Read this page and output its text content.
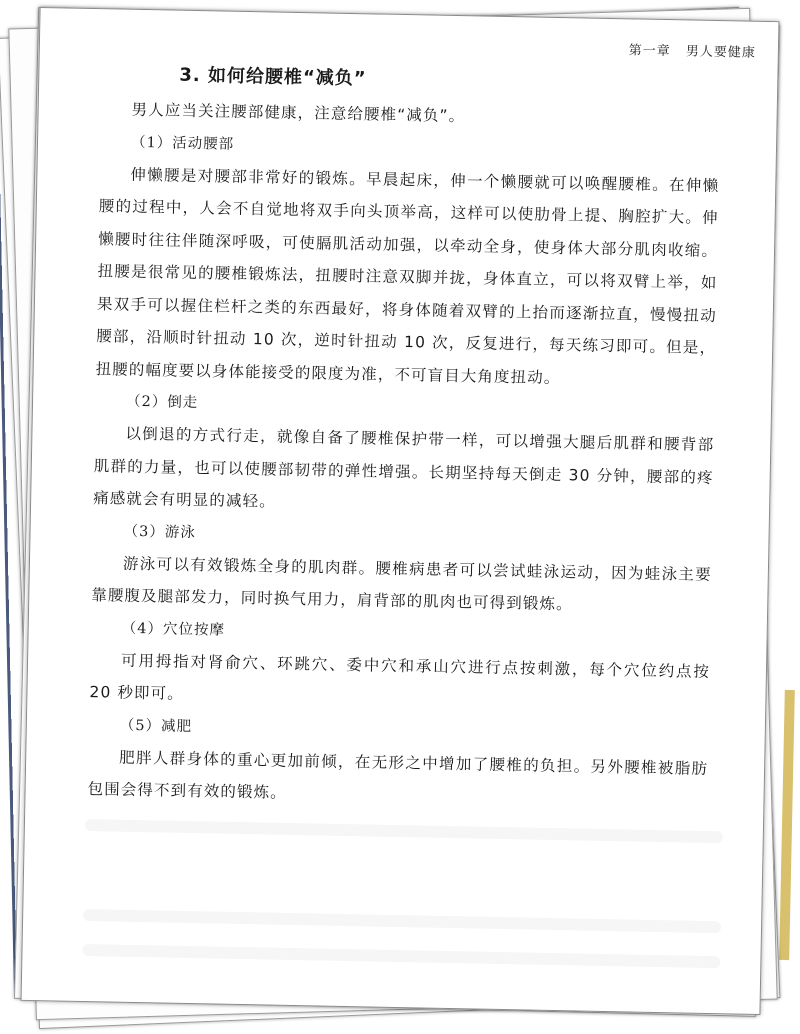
第一章 男人要健康
3. 如何给腰椎“减负”

男人应当关注腰部健康，注意给腰椎“减负”。

（1）活动腰部

伸懒腰是对腰部非常好的锻炼。早晨起床，伸一个懒腰就可以唤醒腰椎。在伸懒腰的过程中，人会不自觉地将双手向头顶举高，这样可以使肋骨上提、胸腔扩大。伸懒腰时往往伴随深呼吸，可使膈肌活动加强，以牵动全身，使身体大部分肌肉收缩。扭腰是很常见的腰椎锻炼法，扭腰时注意双脚并拢，身体直立，可以将双臂上举，如果双手可以握住栏杆之类的东西最好，将身体随着双臂的上抬而逐渐拉直，慢慢扭动腰部，沿顺时针扭动 10 次，逆时针扭动 10 次，反复进行，每天练习即可。但是，扭腰的幅度要以身体能接受的限度为准，不可盲目大角度扭动。

（2）倒走

以倒退的方式行走，就像自备了腰椎保护带一样，可以增强大腿后肌群和腰背部肌群的力量，也可以使腰部韧带的弹性增强。长期坚持每天倒走 30 分钟，腰部的疼痛感就会有明显的减轻。

（3）游泳

游泳可以有效锻炼全身的肌肉群。腰椎病患者可以尝试蛙泳运动，因为蛙泳主要靠腰腹及腿部发力，同时换气用力，肩背部的肌肉也可得到锻炼。

（4）穴位按摩

可用拇指对肾俞穴、环跳穴、委中穴和承山穴进行点按刺激，每个穴位约点按 20 秒即可。

（5）减肥

肥胖人群身体的重心更加前倾，在无形之中增加了腰椎的负担。另外腰椎被脂肪包围会得不到有效的锻炼。
